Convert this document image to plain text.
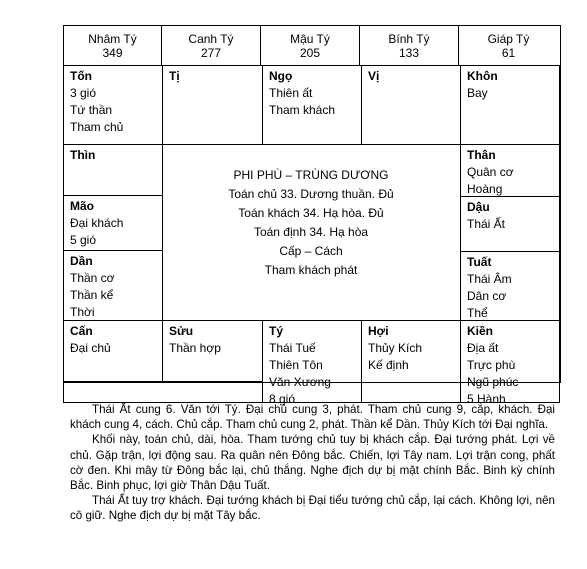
Nhâm Tý
349
Canh Tý
277
Mậu Tý
205
Bính Tý
133
Giáp Tý
61
Tốn
3 gió
Tứ thần
Tham chủ
Tị	Ngọ
Thiên ất
Tham khách
Vị	Khôn
Bay
Thìn
Mão
Đại khách
5 gió
Dần
Thần cơ
Thần kể
Thời
Thân
Quân cơ
Hoàng
Dậu
Thái Ất
Tuất
Thái Âm
Dân cơ
Thể
PHI PHÙ – TRÙNG DƯƠNG
Toán chủ 33. Dương thuần. Đủ
Toán khách 34. Hạ hòa. Đủ
Toán định 34. Hạ hòa
Cấp – Cách
Tham khách phát
Cấn
Đại chủ
Sửu
Thần hợp
Tý
Thái Tuế
Thiên Tôn
Văn Xương
8 gió
Hợi
Thủy Kích
Kế định
Kiền
Địa ất
Trực phù
Ngũ phúc
5 Hành

Thái Ất cung 6. Văn tới Tý. Đại chủ cung 3, phát. Tham chủ cung 9, cắp, khách. Đại khách cung 4, cách. Chủ cắp. Tham chủ cung 2, phát. Thần kể Dần. Thủy Kích tới Đại nghĩa.

Khối này, toán chủ, dài, hòa. Tham tướng chủ tuy bị khách cắp. Đại tướng phát. Lợi về chủ. Gặp trận, lợi động sau. Ra quân nên Đông bắc. Chiến, lợi Tây nam. Lợi trận cong, phất cờ đen. Khi mây từ Đông bắc lại, chủ thắng. Nghe địch dự bị mặt chính Bắc. Binh kỳ chính Bắc. Binh phục, lợi giờ Thân Dậu Tuất.

Thái Ất tuy trợ khách. Đại tướng khách bị Đại tiểu tướng chủ cắp, lại cách. Không lợi, nên cô giữ. Nghe địch dự bị mặt Tây bắc.
